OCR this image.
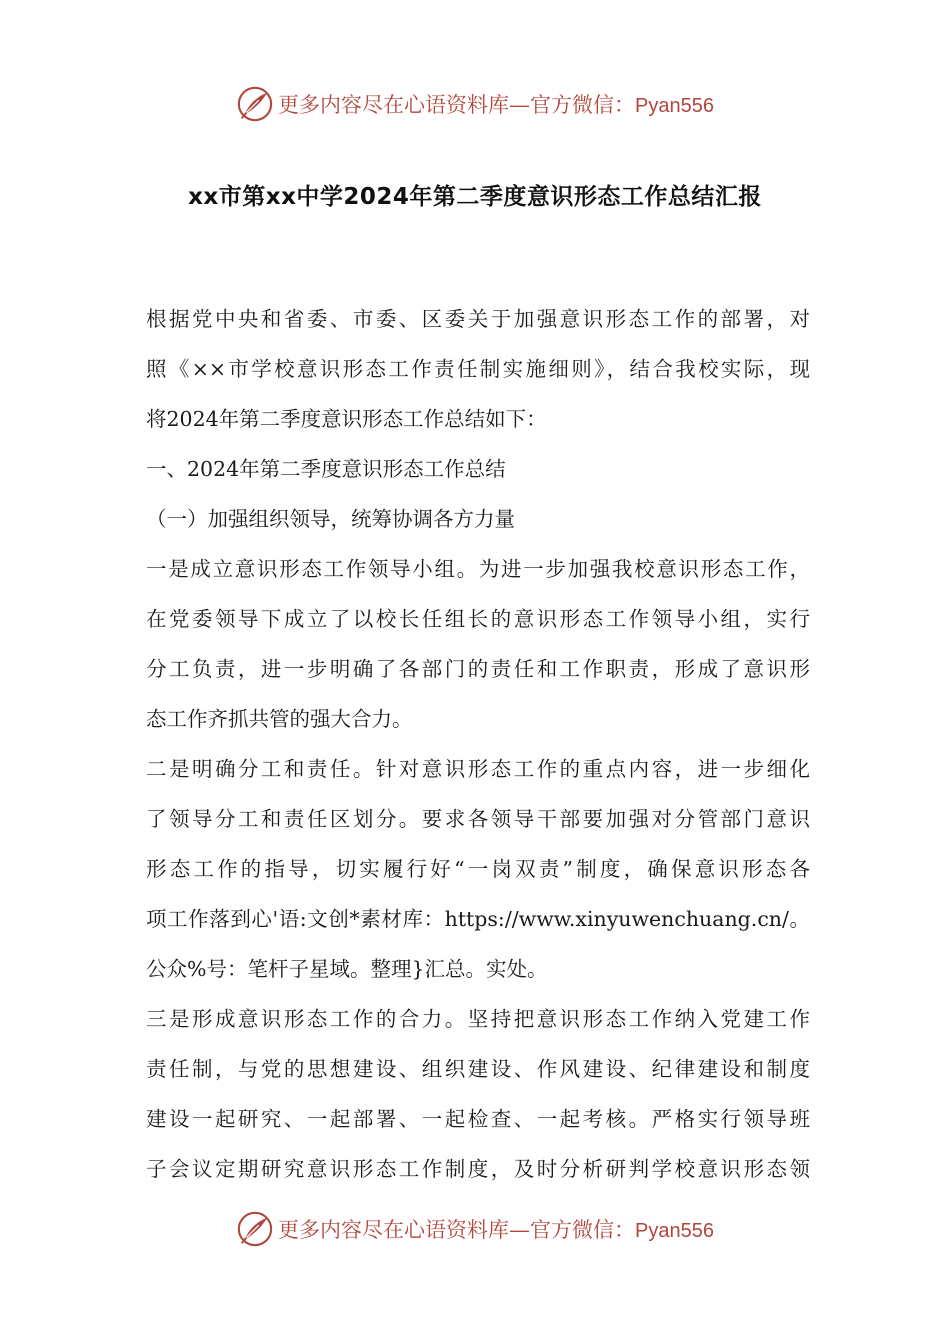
更多内容尽在心语资料库—官方微信：Pyan556
xx市第xx中学2024年第二季度意识形态工作总结汇报
根据党中央和省委、市委、区委关于加强意识形态工作的部署，对
照《××市学校意识形态工作责任制实施细则》，结合我校实际，现
将2024年第二季度意识形态工作总结如下：
一、2024年第二季度意识形态工作总结
（一）加强组织领导，统筹协调各方力量
一是成立意识形态工作领导小组。为进一步加强我校意识形态工作，
在党委领导下成立了以校长任组长的意识形态工作领导小组，实行
分工负责，进一步明确了各部门的责任和工作职责，形成了意识形
态工作齐抓共管的强大合力。
二是明确分工和责任。针对意识形态工作的重点内容，进一步细化
了领导分工和责任区划分。要求各领导干部要加强对分管部门意识
形态工作的指导，切实履行好“一岗双责”制度，确保意识形态各
项工作落到心'语:文创*素材库：https://www.xinyuwenchuang.cn/。
公众%号：笔杆子星域。整理}汇总。实处。
三是形成意识形态工作的合力。坚持把意识形态工作纳入党建工作
责任制，与党的思想建设、组织建设、作风建设、纪律建设和制度
建设一起研究、一起部署、一起检查、一起考核。严格实行领导班
子会议定期研究意识形态工作制度，及时分析研判学校意识形态领
更多内容尽在心语资料库—官方微信：Pyan556
